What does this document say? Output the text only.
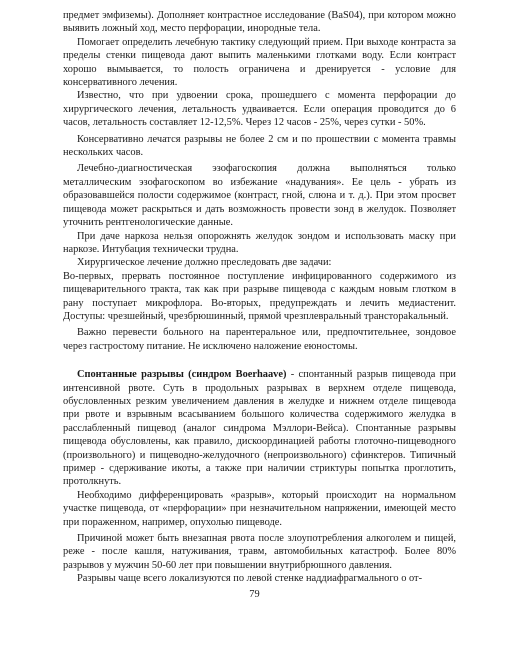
предмет эмфиземы). Дополняет контрастное исследование (BaS04), при котором можно выявить ложный ход, место перфорации, инородные тела.

Помогает определить лечебную тактику следующий прием. При выходе контраста за пределы стенки пищевода дают выпить маленькими глотками воду. Если контраст хорошо вымывается, то полость ограничена и дренируется - условие для консервативного лечения.

Известно, что при удвоении срока, прошедшего с момента перфорации до хирургического лечения, летальность удваивается. Если операция проводится до 6 часов, летальность составляет 12-12,5%. Через 12 часов - 25%, через сутки - 50%.

Консервативно лечатся разрывы не более 2 см и по прошествии с момента травмы нескольких часов.

Лечебно-диагностическая эзофагоскопия должна выполняться только металлическим эзофагоскопом во избежание «надувания». Ее цель - убрать из образовавшейся полости содержимое (контраст, гной, слюна и т. д.). При этом просвет пищевода может раскрыться и дать возможность провести зонд в желудок. Позволяет уточнить рентгенологические данные.

При даче наркоза нельзя опорожнять желудок зондом и использовать маску при наркозе. Интубация технически трудна.

Хирургическое лечение должно преследовать две задачи:

Во-первых, прервать постоянное поступление инфицированного содержимого из пищеварительного тракта, так как при разрыве пищевода с каждым новым глотком в рану поступает микрофлора. Во-вторых, предупреждать и лечить медиастенит. Доступы: чрезшейный, чрезбрюшинный, прямой чрезплевральный транстораkальный.

Важно перевести больного на парентеральное или, предпочтительнее, зондовое через гастростому питание. Не исключено наложение еюностомы.

Спонтанные разрывы (синдром Boerhaave) - спонтанный разрыв пищевода при интенсивной рвоте. Суть в продольных разрывах в верхнем отделе пищевода, обусловленных резким увеличением давления в желудке и нижнем отделе пищевода при рвоте и взрывным всасыванием большого количества содержимого желудка в расслабленный пищевод (аналог синдрома Мэллори-Вейса). Спонтанные разрывы пищевода обусловлены, как правило, дискоординацией работы глоточно-пищеводного (произвольного) и пищеводно-желудочного (непроизвольного) сфинктеров. Типичный пример - сдерживание икоты, а также при наличии стриктуры попытка проглотить, протолкнуть.

Необходимо дифференцировать «разрыв», который происходит на нормальном участке пищевода, от «перфорации» при незначительном напряжении, имеющей место при пораженном, например, опухолью пищеводе.

Причиной может быть внезапная рвота после злоупотребления алкоголем и пищей, реже - после кашля, натуживания, травм, автомобильных катастроф. Более 80% разрывов у мужчин 50-60 лет при повышении внутрибрюшного давления.

Разрывы чаще всего локализуются по левой стенке наддиафрагмального о от-

79
